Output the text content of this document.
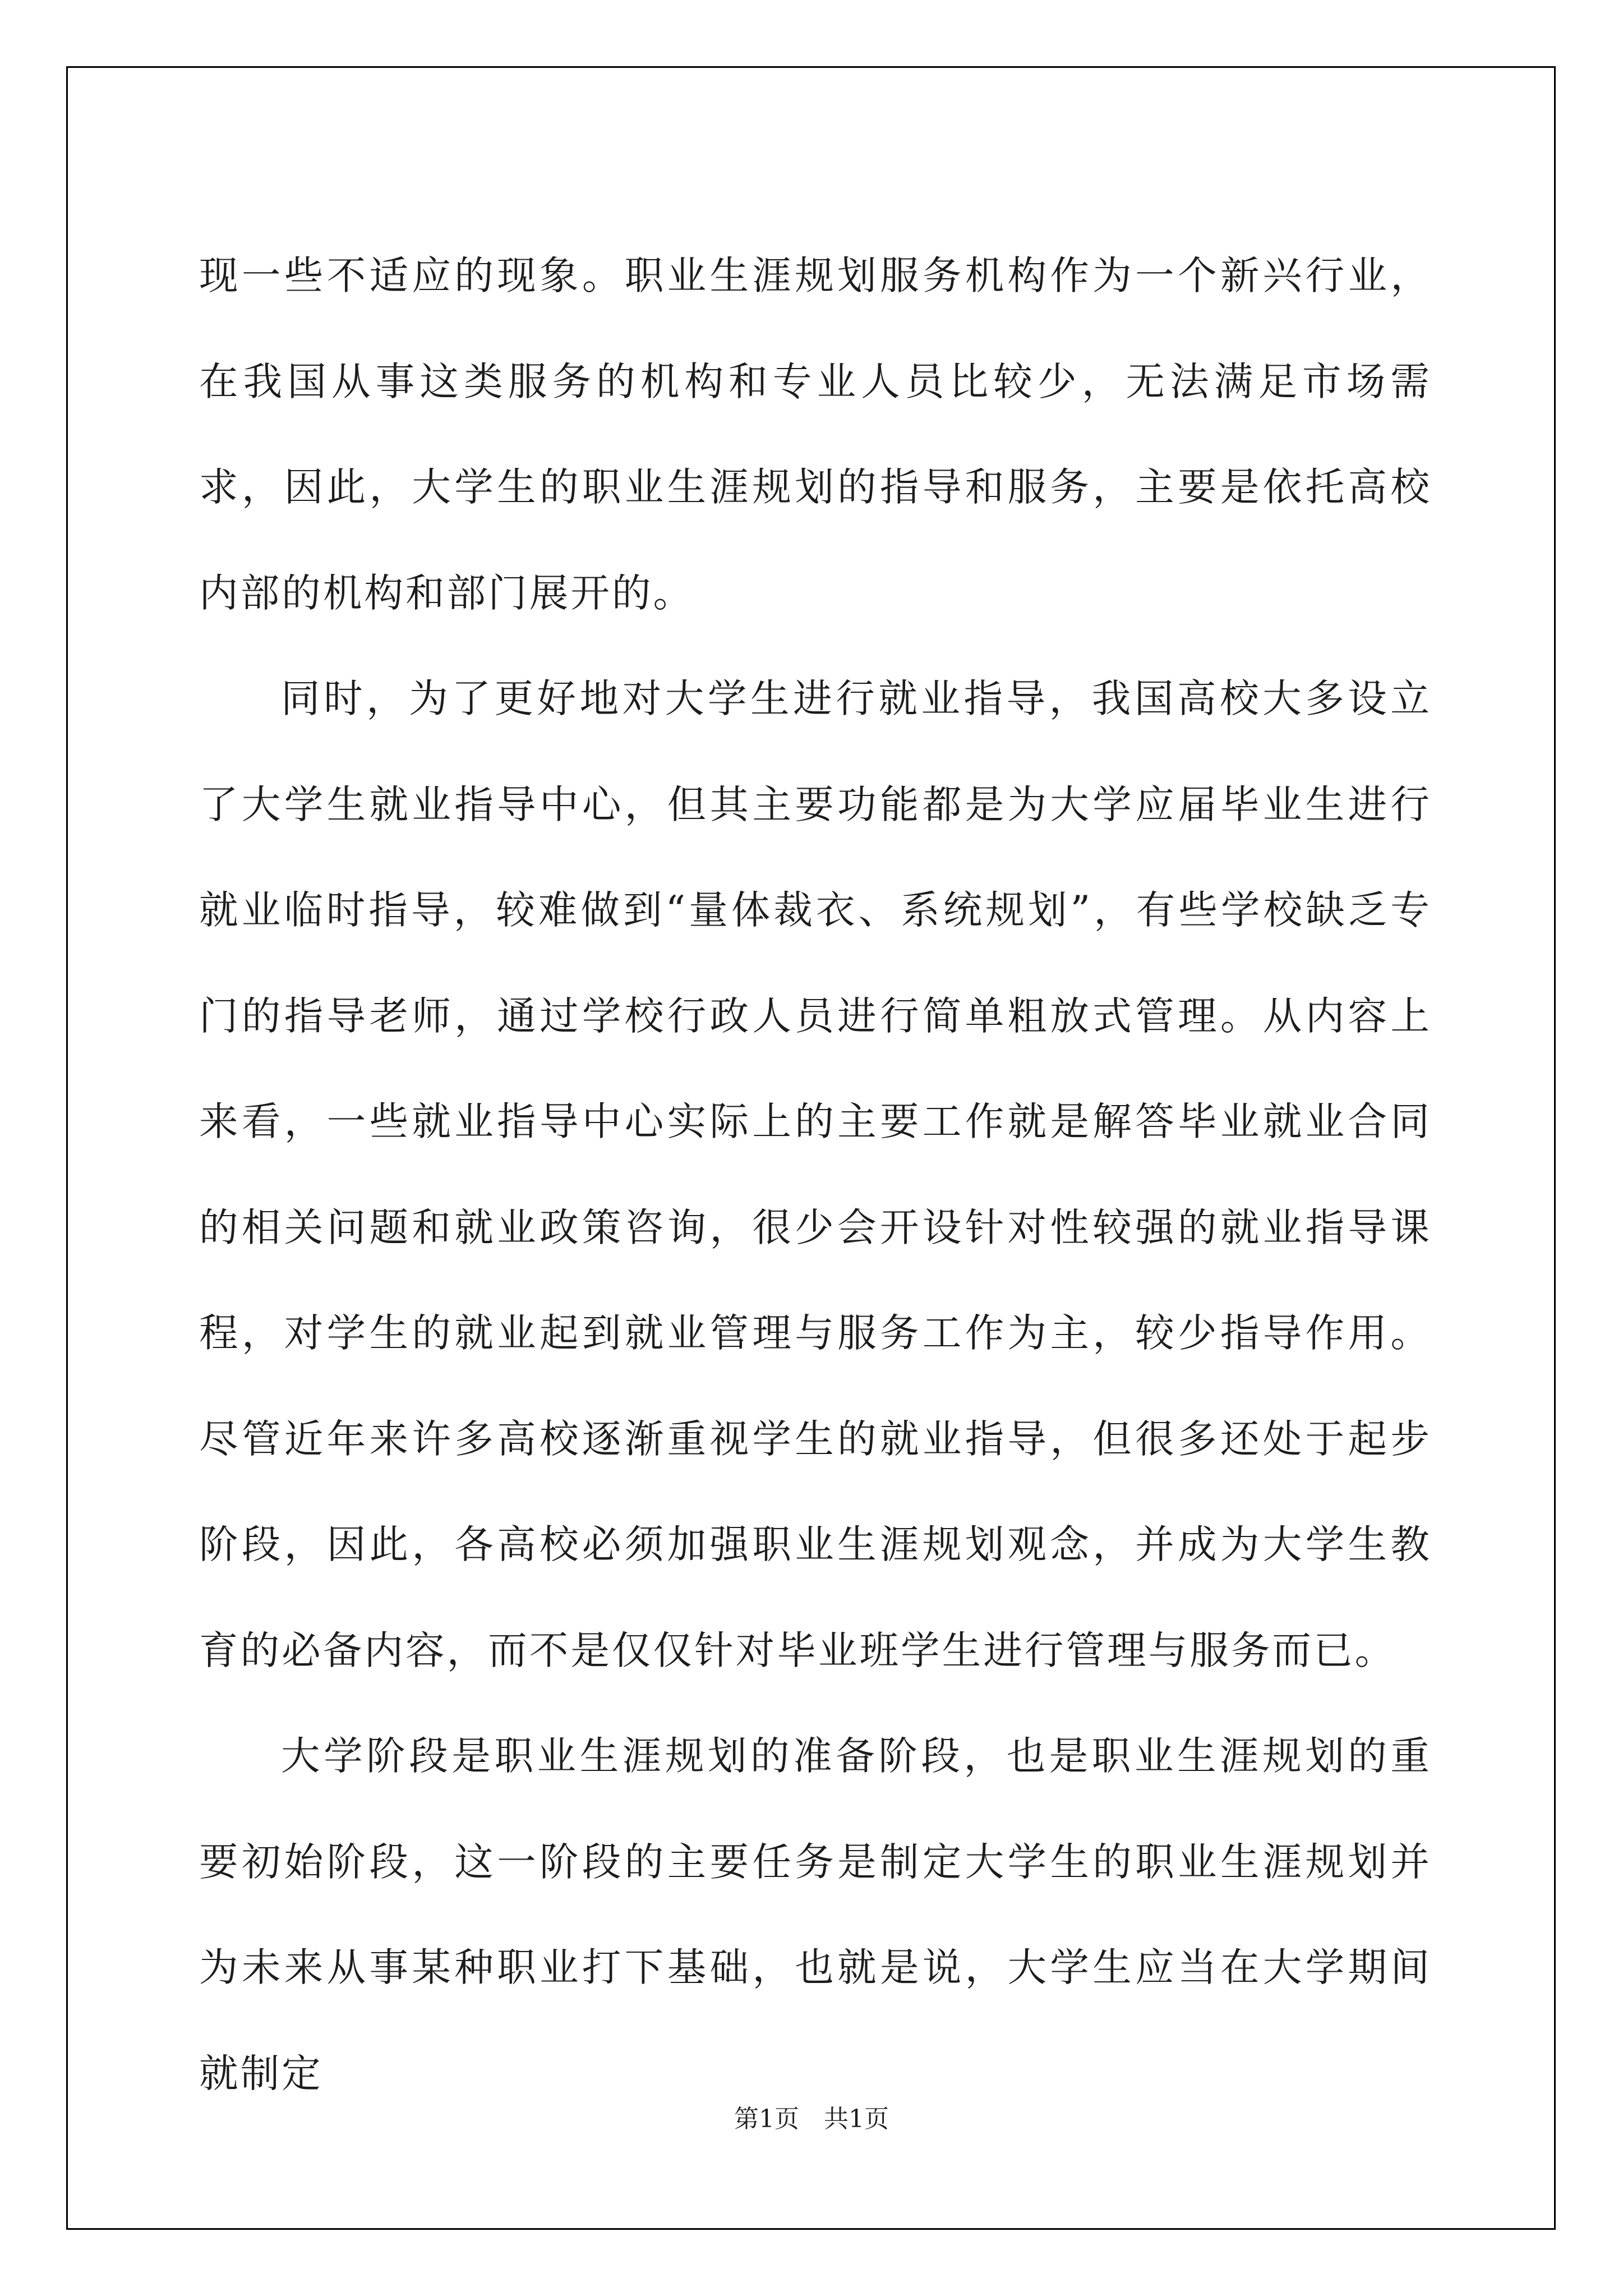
现一些不适应的现象。职业生涯规划服务机构作为一个新兴行业，在我国从事这类服务的机构和专业人员比较少，无法满足市场需求，因此，大学生的职业生涯规划的指导和服务，主要是依托高校内部的机构和部门展开的。

同时，为了更好地对大学生进行就业指导，我国高校大多设立了大学生就业指导中心，但其主要功能都是为大学应届毕业生进行就业临时指导，较难做到“量体裁衣、系统规划”，有些学校缺乏专门的指导老师，通过学校行政人员进行简单粗放式管理。从内容上来看，一些就业指导中心实际上的主要工作就是解答毕业就业合同的相关问题和就业政策咨询，很少会开设针对性较强的就业指导课程，对学生的就业起到就业管理与服务工作为主，较少指导作用。尽管近年来许多高校逐渐重视学生的就业指导，但很多还处于起步阶段，因此，各高校必须加强职业生涯规划观念，并成为大学生教育的必备内容，而不是仅仅针对毕业班学生进行管理与服务而已。

大学阶段是职业生涯规划的准备阶段，也是职业生涯规划的重要初始阶段，这一阶段的主要任务是制定大学生的职业生涯规划并为未来从事某种职业打下基础，也就是说，大学生应当在大学期间就制定

第1页　共1页
